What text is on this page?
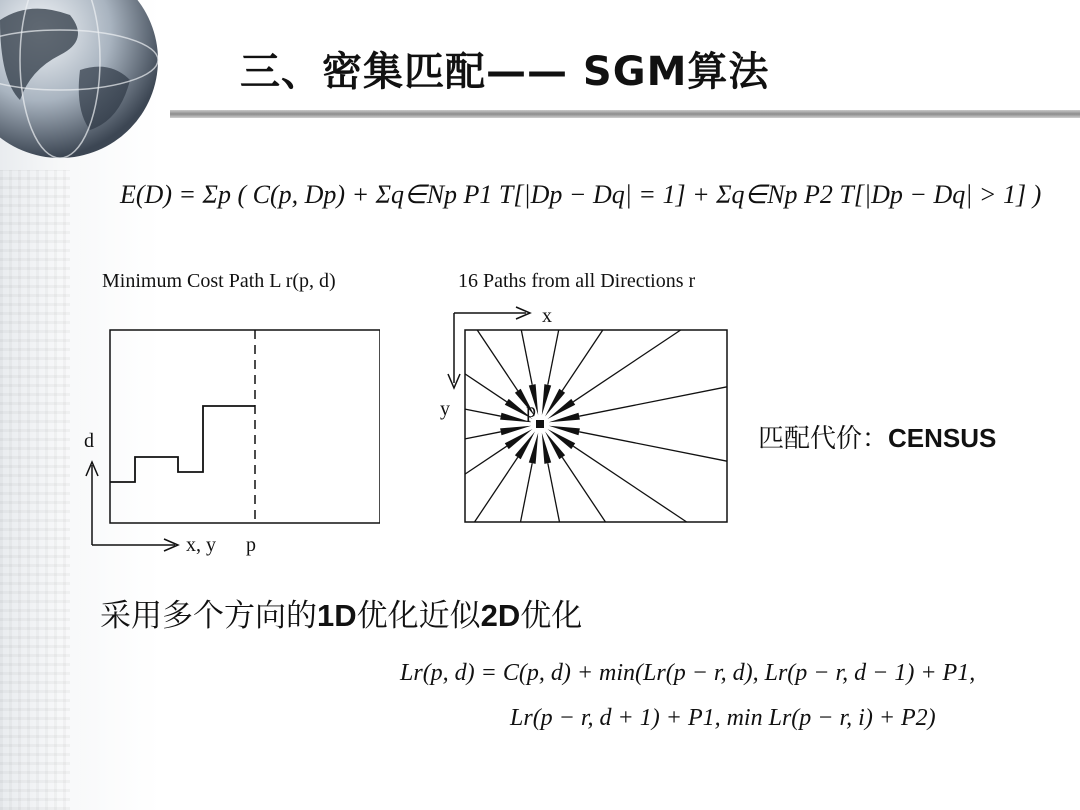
三、密集匹配—— SGM算法
E(D) = Σp ( C(p, Dp) + Σq∈Np P1 T[|Dp − Dq| = 1] + Σq∈Np P2 T[|Dp − Dq| > 1] )
Minimum Cost Path L r(p, d)
d
x, y p
16 Paths from all Directions r
x
y	p
匹配代价：CENSUS
采用多个方向的1D优化近似2D优化
Lr(p, d) = C(p, d) + min(Lr(p − r, d), Lr(p − r, d − 1) + P1,
Lr(p − r, d + 1) + P1, min Lr(p − r, i) + P2)
